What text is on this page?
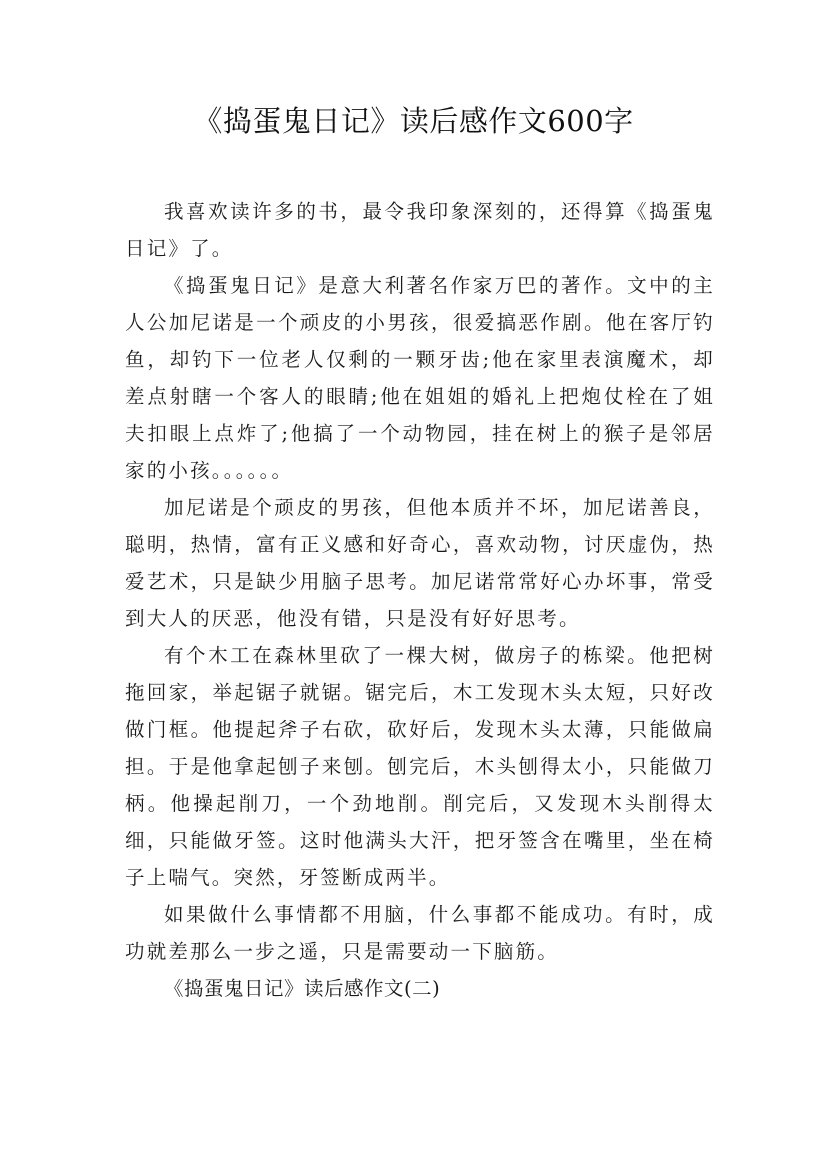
《捣蛋鬼日记》读后感作文600字

我喜欢读许多的书，最令我印象深刻的，还得算《捣蛋鬼日记》了。

《捣蛋鬼日记》是意大利著名作家万巴的著作。文中的主人公加尼诺是一个顽皮的小男孩，很爱搞恶作剧。他在客厅钓鱼，却钓下一位老人仅剩的一颗牙齿;他在家里表演魔术，却差点射瞎一个客人的眼睛;他在姐姐的婚礼上把炮仗栓在了姐夫扣眼上点炸了;他搞了一个动物园，挂在树上的猴子是邻居家的小孩。。。。。。

加尼诺是个顽皮的男孩，但他本质并不坏，加尼诺善良，聪明，热情，富有正义感和好奇心，喜欢动物，讨厌虚伪，热爱艺术，只是缺少用脑子思考。加尼诺常常好心办坏事，常受到大人的厌恶，他没有错，只是没有好好思考。

有个木工在森林里砍了一棵大树，做房子的栋梁。他把树拖回家，举起锯子就锯。锯完后，木工发现木头太短，只好改做门框。他提起斧子右砍，砍好后，发现木头太薄，只能做扁担。于是他拿起刨子来刨。刨完后，木头刨得太小，只能做刀柄。他操起削刀，一个劲地削。削完后，又发现木头削得太细，只能做牙签。这时他满头大汗，把牙签含在嘴里，坐在椅子上喘气。突然，牙签断成两半。

如果做什么事情都不用脑，什么事都不能成功。有时，成功就差那么一步之遥，只是需要动一下脑筋。

《捣蛋鬼日记》读后感作文(二)
